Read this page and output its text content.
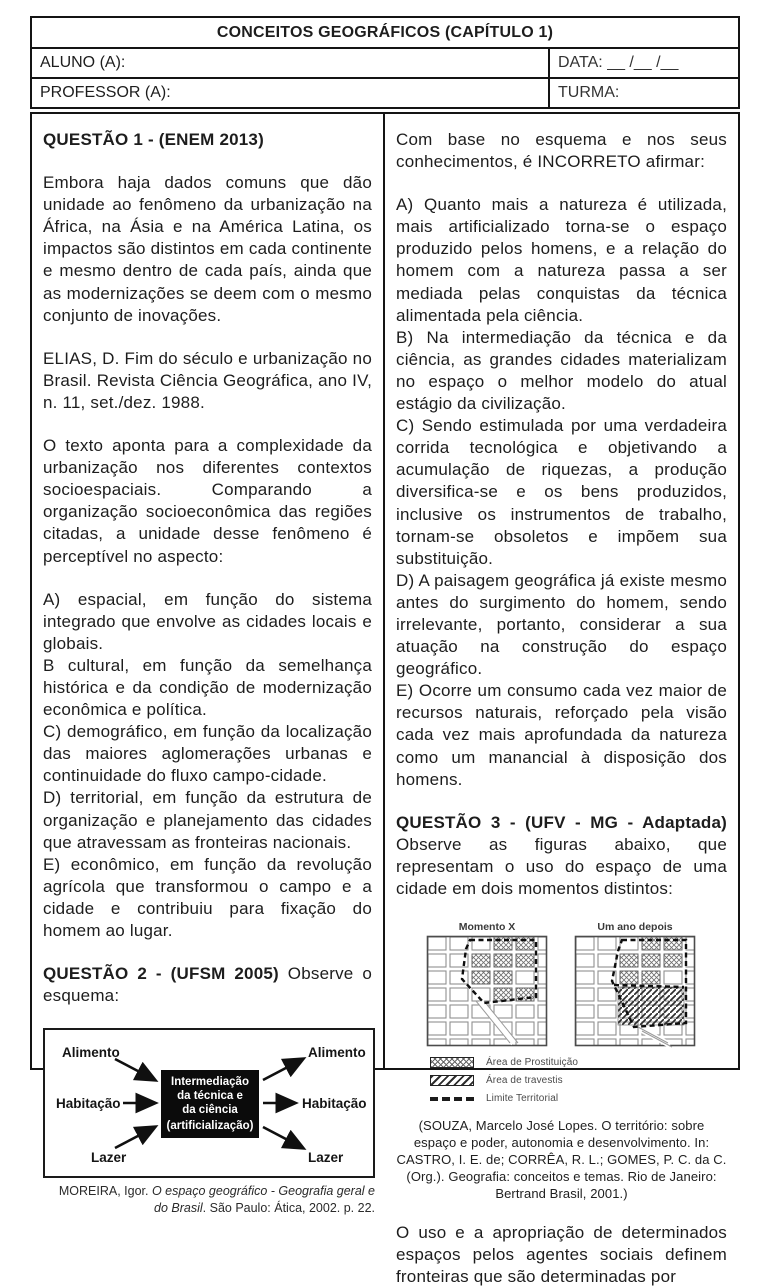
CONCEITOS GEOGRÁFICOS (CAPÍTULO 1)
ALUNO (A):	DATA: __ /__ /__
PROFESSOR (A):	TURMA:

QUESTÃO 1 - (ENEM 2013)

Embora haja dados comuns que dão unidade ao fenômeno da urbanização na África, na Ásia e na América Latina, os impactos são distintos em cada continente e mesmo dentro de cada país, ainda que as modernizações se deem com o mesmo conjunto de inovações.

ELIAS, D. Fim do século e urbanização no Brasil. Revista Ciência Geográfica, ano IV, n. 11, set./dez. 1988.

O texto aponta para a complexidade da urbanização nos diferentes contextos socioespaciais. Comparando a organização socioeconômica das regiões citadas, a unidade desse fenômeno é perceptível no aspecto:

A) espacial, em função do sistema integrado que envolve as cidades locais e globais.

B cultural, em função da semelhança histórica e da condição de modernização econômica e política.

C) demográfico, em função da localização das maiores aglomerações urbanas e continuidade do fluxo campo-cidade.

D) territorial, em função da estrutura de organização e planejamento das cidades que atravessam as fronteiras nacionais.

E) econômico, em função da revolução agrícola que transformou o campo e a cidade e contribuiu para fixação do homem ao lugar.

QUESTÃO 2 - (UFSM 2005) Observe o esquema:

Alimento
Habitação
Lazer
Alimento
Habitação
Lazer
Intermediação
da técnica e
da ciência
(artificialização)

MOREIRA, Igor. O espaço geográfico - Geografia geral e do Brasil. São Paulo: Ática, 2002. p. 22.

Com base no esquema e nos seus conhecimentos, é INCORRETO afirmar:

A) Quanto mais a natureza é utilizada, mais artificializado torna-se o espaço produzido pelos homens, e a relação do homem com a natureza passa a ser mediada pelas conquistas da técnica alimentada pela ciência.

B) Na intermediação da técnica e da ciência, as grandes cidades materializam no espaço o melhor modelo do atual estágio da civilização.

C) Sendo estimulada por uma verdadeira corrida tecnológica e objetivando a acumulação de riquezas, a produção diversifica-se e os bens produzidos, inclusive os instrumentos de trabalho, tornam-se obsoletos e impõem sua substituição.

D) A paisagem geográfica já existe mesmo antes do surgimento do homem, sendo irrelevante, portanto, considerar a sua atuação na construção do espaço geográfico.

E) Ocorre um consumo cada vez maior de recursos naturais, reforçado pela visão cada vez mais aprofundada da natureza como um manancial à disposição dos homens.

QUESTÃO 3 - (UFV - MG - Adaptada) Observe as figuras abaixo, que representam o uso do espaço de uma cidade em dois momentos distintos:

Momento X	Um ano depois
Área de Prostituição
Área de travestis
Limite Territorial

(SOUZA, Marcelo José Lopes. O território: sobre espaço e poder, autonomia e desenvolvimento. In: CASTRO, I. E. de; CORRÊA, R. L.; GOMES, P. C. da C. (Org.). Geografia: conceitos e temas. Rio de Janeiro: Bertrand Brasil, 2001.)

O uso e a apropriação de determinados espaços pelos agentes sociais definem fronteiras que são determinadas por
